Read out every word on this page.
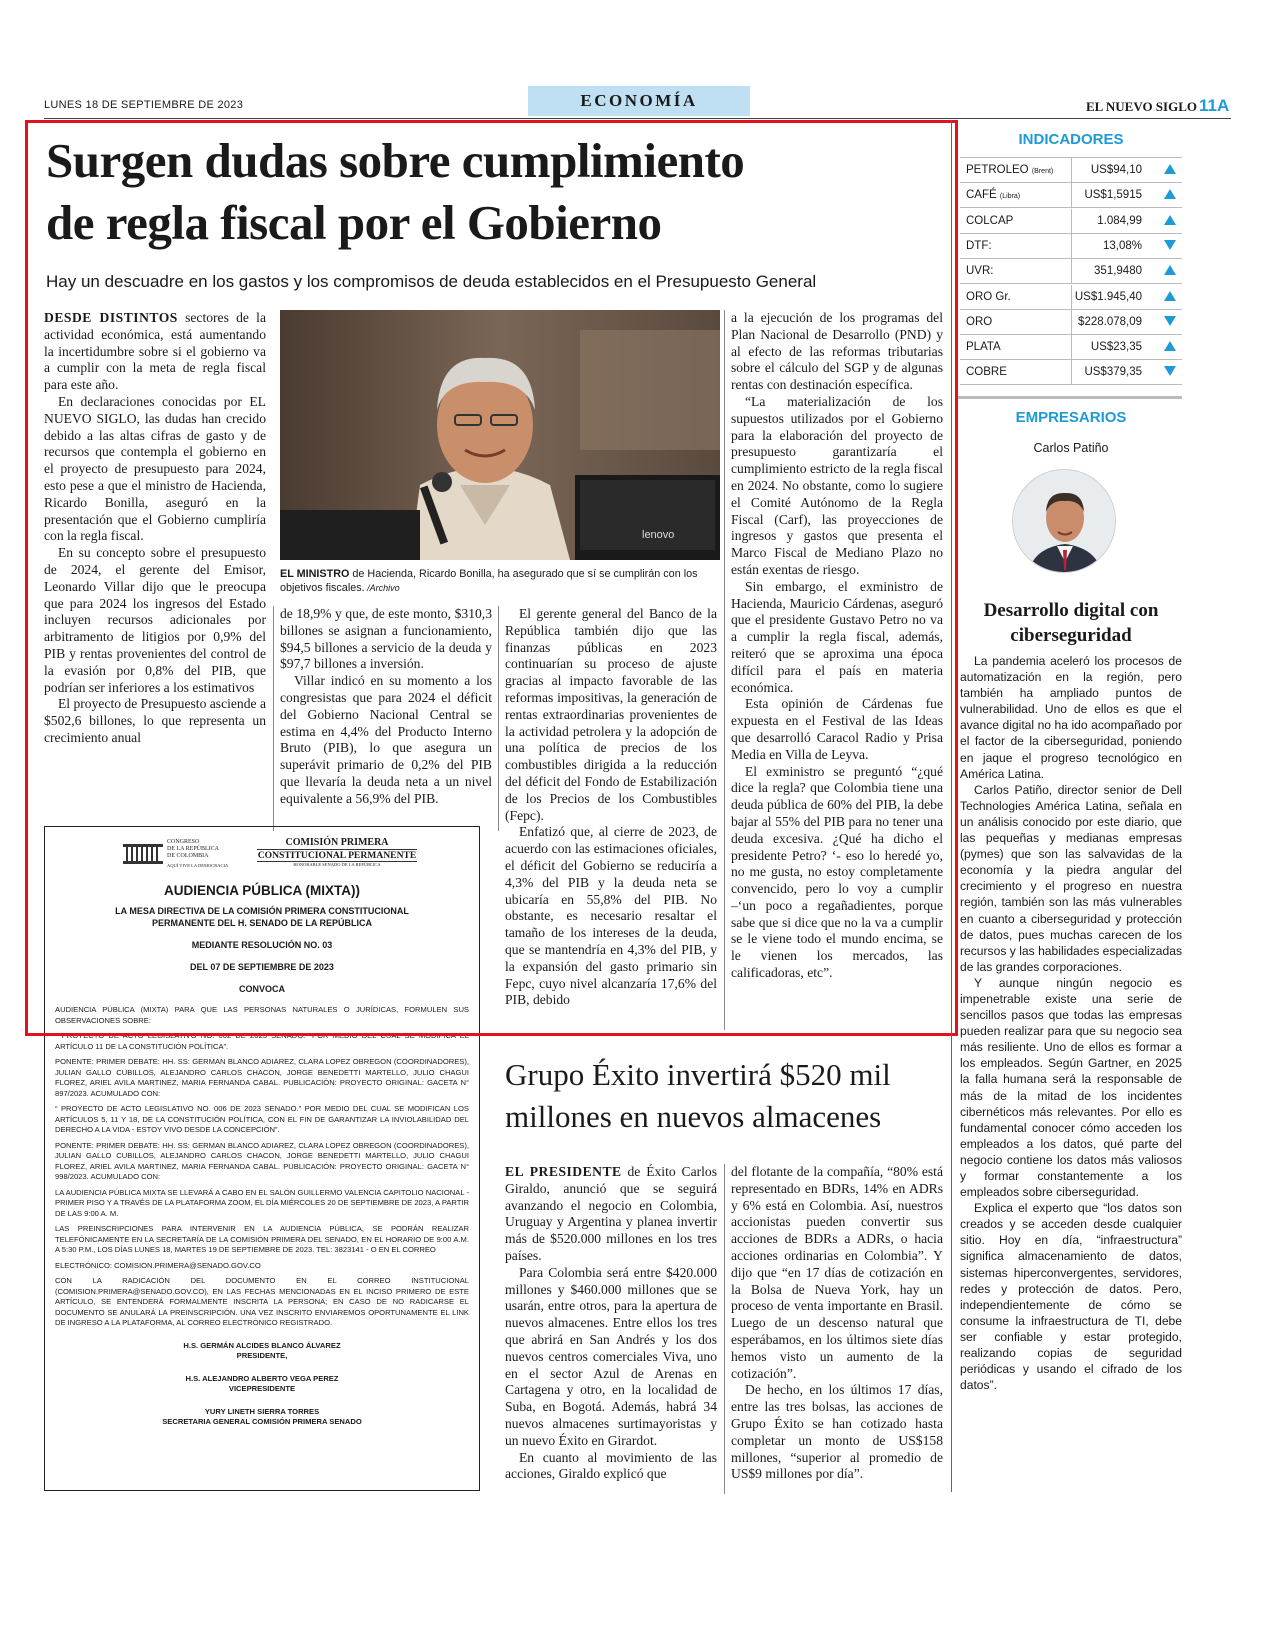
LUNES 18 DE SEPTIEMBRE DE 2023	ECONOMÍA	EL NUEVO SIGLO 11A
Surgen dudas sobre cumplimiento
de regla fiscal por el Gobierno
Hay un descuadre en los gastos y los compromisos de deuda establecidos en el Presupuesto General

DESDE DISTINTOS sectores de la actividad económica, está aumentando la incertidumbre sobre si el gobierno va a cumplir con la meta de regla fiscal para este año.

En declaraciones conocidas por EL NUEVO SIGLO, las dudas han crecido debido a las altas cifras de gasto y de recursos que contempla el gobierno en el proyecto de presupuesto para 2024, esto pese a que el ministro de Hacienda, Ricardo Bonilla, aseguró en la presentación que el Gobierno cumpliría con la regla fiscal.

En su concepto sobre el presupuesto de 2024, el gerente del Emisor, Leonardo Villar dijo que le preocupa que para 2024 los ingresos del Estado incluyen recursos adicionales por arbitramento de litigios por 0,9% del PIB y rentas provenientes del control de la evasión por 0,8% del PIB, que podrían ser inferiores a los estimativos

El proyecto de Presupuesto asciende a $502,6 billones, lo que representa un crecimiento anual

lenovo
EL MINISTRO de Hacienda, Ricardo Bonilla, ha asegurado que sí se cumplirán con los objetivos fiscales. /Archivo

de 18,9% y que, de este monto, $310,3 billones se asignan a funcionamiento, $94,5 billones a servicio de la deuda y $97,7 billones a inversión.

Villar indicó en su momento a los congresistas que para 2024 el déficit del Gobierno Nacional Central se estima en 4,4% del Producto Interno Bruto (PIB), lo que asegura un superávit primario de 0,2% del PIB que llevaría la deuda neta a un nivel equivalente a 56,9% del PIB.

El gerente general del Banco de la República también dijo que las finanzas públicas en 2023 continuarían su proceso de ajuste gracias al impacto favorable de las reformas impositivas, la generación de rentas extraordinarias provenientes de la actividad petrolera y la adopción de una política de precios de los combustibles dirigida a la reducción del déficit del Fondo de Estabilización de los Precios de los Combustibles (Fepc).

Enfatizó que, al cierre de 2023, de acuerdo con las estimaciones oficiales, el déficit del Gobierno se reduciría a 4,3% del PIB y la deuda neta se ubicaría en 55,8% del PIB. No obstante, es necesario resaltar el tamaño de los intereses de la deuda, que se mantendría en 4,3% del PIB, y la expansión del gasto primario sin Fepc, cuyo nivel alcanzaría 17,6% del PIB, debido

a la ejecución de los programas del Plan Nacional de Desarrollo (PND) y al efecto de las reformas tributarias sobre el cálculo del SGP y de algunas rentas con destinación específica.

“La materialización de los supuestos utilizados por el Gobierno para la elaboración del proyecto de presupuesto garantizaría el cumplimiento estricto de la regla fiscal en 2024. No obstante, como lo sugiere el Comité Autónomo de la Regla Fiscal (Carf), las proyecciones de ingresos y gastos que presenta el Marco Fiscal de Mediano Plazo no están exentas de riesgo.

Sin embargo, el exministro de Hacienda, Mauricio Cárdenas, aseguró que el presidente Gustavo Petro no va a cumplir la regla fiscal, además, reiteró que se aproxima una época difícil para el país en materia económica.

Esta opinión de Cárdenas fue expuesta en el Festival de las Ideas que desarrolló Caracol Radio y Prisa Media en Villa de Leyva.

El exministro se preguntó “¿qué dice la regla? que Colombia tiene una deuda pública de 60% del PIB, la debe bajar al 55% del PIB para no tener una deuda excesiva. ¿Qué ha dicho el presidente Petro? ‘- eso lo heredé yo, no me gusta, no estoy completamente convencido, pero lo voy a cumplir –‘un poco a regañadientes, porque sabe que si dice que no la va a cumplir se le viene todo el mundo encima, se le vienen los mercados, las calificadoras, etc”.

CONGRESO
DE LA REPÚBLICA
DE COLOMBIA
AQUÍ VIVE LA DEMOCRACIA
COMISIÓN PRIMERA
CONSTITUCIONAL PERMANENTE
HONORABLE SENADO DE LA REPÚBLICA

AUDIENCIA PÚBLICA (MIXTA))

LA MESA DIRECTIVA DE LA COMISIÓN PRIMERA CONSTITUCIONAL

PERMANENTE DEL H. SENADO DE LA REPÚBLICA

MEDIANTE RESOLUCIÓN NO. 03

DEL 07 DE SEPTIEMBRE DE 2023

CONVOCA

AUDIENCIA PÚBLICA (MIXTA) PARA QUE LAS PERSONAS NATURALES O JURÍDICAS, FORMULEN SUS OBSERVACIONES SOBRE:

“ PROYECTO DE ACTO LEGISLATIVO NO. 002 DE 2023 SENADO.” POR MEDIO DEL CUAL SE MODIFICA EL ARTÍCULO 11 DE LA CONSTITUCIÓN POLÍTICA”.

PONENTE: PRIMER DEBATE: HH. SS: GERMAN BLANCO ADIAREZ, CLARA LOPEZ OBREGON (COORDINADORES), JULIAN GALLO CUBILLOS, ALEJANDRO CARLOS CHACON, JORGE BENEDETTI MARTELLO, JULIO CHAGUI FLOREZ, ARIEL AVILA MARTINEZ, MARIA FERNANDA CABAL. PUBLICACIÓN: PROYECTO ORIGINAL: GACETA N° 897/2023. ACUMULADO CON:

“ PROYECTO DE ACTO LEGISLATIVO NO. 006 DE 2023 SENADO.” POR MEDIO DEL CUAL SE MODIFICAN LOS ARTÍCULOS 5, 11 Y 18, DE LA CONSTITUCIÓN POLÍTICA, CON EL FIN DE GARANTIZAR LA INVIOLABILIDAD DEL DERECHO A LA VIDA - ESTOY VIVO DESDE LA CONCEPCIÓN”.

PONENTE: PRIMER DEBATE: HH. SS: GERMAN BLANCO ADIAREZ, CLARA LOPEZ OBREGON (COORDINADORES), JULIAN GALLO CUBILLOS, ALEJANDRO CARLOS CHACON, JORGE BENEDETTI MARTELLO, JULIO CHAGUI FLOREZ, ARIEL AVILA MARTINEZ, MARIA FERNANDA CABAL. PUBLICACIÓN: PROYECTO ORIGINAL: GACETA N° 998/2023. ACUMULADO CON:

LA AUDIENCIA PÚBLICA MIXTA SE LLEVARÁ A CABO EN EL SALÓN GUILLERMO VALENCIA CAPITOLIO NACIONAL - PRIMER PISO Y A TRAVÉS DE LA PLATAFORMA ZOOM, EL DÍA MIÉRCOLES 20 DE SEPTIEMBRE DE 2023, A PARTIR DE LAS 9:00 A. M.

LAS PREINSCRIPCIONES PARA INTERVENIR EN LA AUDIENCIA PÚBLICA, SE PODRÁN REALIZAR TELEFÓNICAMENTE EN LA SECRETARÍA DE LA COMISIÓN PRIMERA DEL SENADO, EN EL HORARIO DE 9:00 A.M. A 5:30 P.M., LOS DÍAS LUNES 18, MARTES 19 DE SEPTIEMBRE DE 2023. TEL: 3823141 - O EN EL CORREO

ELECTRÓNICO: COMISION.PRIMERA@SENADO.GOV.CO

CON LA RADICACIÓN DEL DOCUMENTO EN EL CORREO INSTITUCIONAL (COMISION.PRIMERA@SENADO.GOV.CO), EN LAS FECHAS MENCIONADAS EN EL INCISO PRIMERO DE ESTE ARTÍCULO, SE ENTENDERÁ FORMALMENTE INSCRITA LA PERSONA; EN CASO DE NO RADICARSE EL DOCUMENTO SE ANULARÁ LA PREINSCRIPCIÓN. UNA VEZ INSCRITO ENVIAREMOS OPORTUNAMENTE EL LINK DE INGRESO A LA PLATAFORMA, AL CORREO ELECTRÓNICO REGISTRADO.

H.S. GERMÁN ALCIDES BLANCO ÁLVAREZ

PRESIDENTE,

H.S. ALEJANDRO ALBERTO VEGA PEREZ

VICEPRESIDENTE

YURY LINETH SIERRA TORRES

SECRETARIA GENERAL COMISIÓN PRIMERA SENADO

Grupo Éxito invertirá $520 mil
millones en nuevos almacenes

EL PRESIDENTE de Éxito Carlos Giraldo, anunció que se seguirá avanzando el negocio en Colombia, Uruguay y Argentina y planea invertir más de $520.000 millones en los tres países.

Para Colombia será entre $420.000 millones y $460.000 millones que se usarán, entre otros, para la apertura de nuevos almacenes. Entre ellos los tres que abrirá en San Andrés y los dos nuevos centros comerciales Viva, uno en el sector Azul de Arenas en Cartagena y otro, en la localidad de Suba, en Bogotá. Además, habrá 34 nuevos almacenes surtimayoristas y un nuevo Éxito en Girardot.

En cuanto al movimiento de las acciones, Giraldo explicó que

del flotante de la compañía, “80% está representado en BDRs, 14% en ADRs y 6% está en Colombia. Así, nuestros accionistas pueden convertir sus acciones de BDRs a ADRs, o hacia acciones ordinarias en Colombia”. Y dijo que “en 17 días de cotización en la Bolsa de Nueva York, hay un proceso de venta importante en Brasil. Luego de un descenso natural que esperábamos, en los últimos siete días hemos visto un aumento de la cotización”.

De hecho, en los últimos 17 días, entre las tres bolsas, las acciones de Grupo Éxito se han cotizado hasta completar un monto de US$158 millones, “superior al promedio de US$9 millones por día”.

INDICADORES
PETROLEO (Brent)	US$94,10
CAFÉ (Libra)	US$1,5915
COLCAP	1.084,99
DTF:	13,08%
UVR:	351,9480
ORO Gr.	US$1.945,40
ORO	$228.078,09
PLATA	US$23,35
COBRE	US$379,35
EMPRESARIOS
Carlos Patiño
Desarrollo digital con
ciberseguridad

La pandemia aceleró los procesos de automatización en la región, pero también ha ampliado puntos de vulnerabilidad. Uno de ellos es que el avance digital no ha ido acompañado por el factor de la ciberseguridad, poniendo en jaque el progreso tecnológico en América Latina.

Carlos Patiño, director senior de Dell Technologies América Latina, señala en un análisis conocido por este diario, que las pequeñas y medianas empresas (pymes) que son las salvavidas de la economía y la piedra angular del crecimiento y el progreso en nuestra región, también son las más vulnerables en cuanto a ciberseguridad y protección de datos, pues muchas carecen de los recursos y las habilidades especializadas de las grandes corporaciones.

Y aunque ningún negocio es impenetrable existe una serie de sencillos pasos que todas las empresas pueden realizar para que su negocio sea más resiliente. Uno de ellos es formar a los empleados. Según Gartner, en 2025 la falla humana será la responsable de más de la mitad de los incidentes cibernéticos más relevantes. Por ello es fundamental conocer cómo acceden los empleados a los datos, qué parte del negocio contiene los datos más valiosos y formar constantemente a los empleados sobre ciberseguridad.

Explica el experto que “los datos son creados y se acceden desde cualquier sitio. Hoy en día, “infraestructura” significa almacenamiento de datos, sistemas hiperconvergentes, servidores, redes y protección de datos. Pero, independientemente de cómo se consume la infraestructura de TI, debe ser confiable y estar protegido, realizando copias de seguridad periódicas y usando el cifrado de los datos”.
